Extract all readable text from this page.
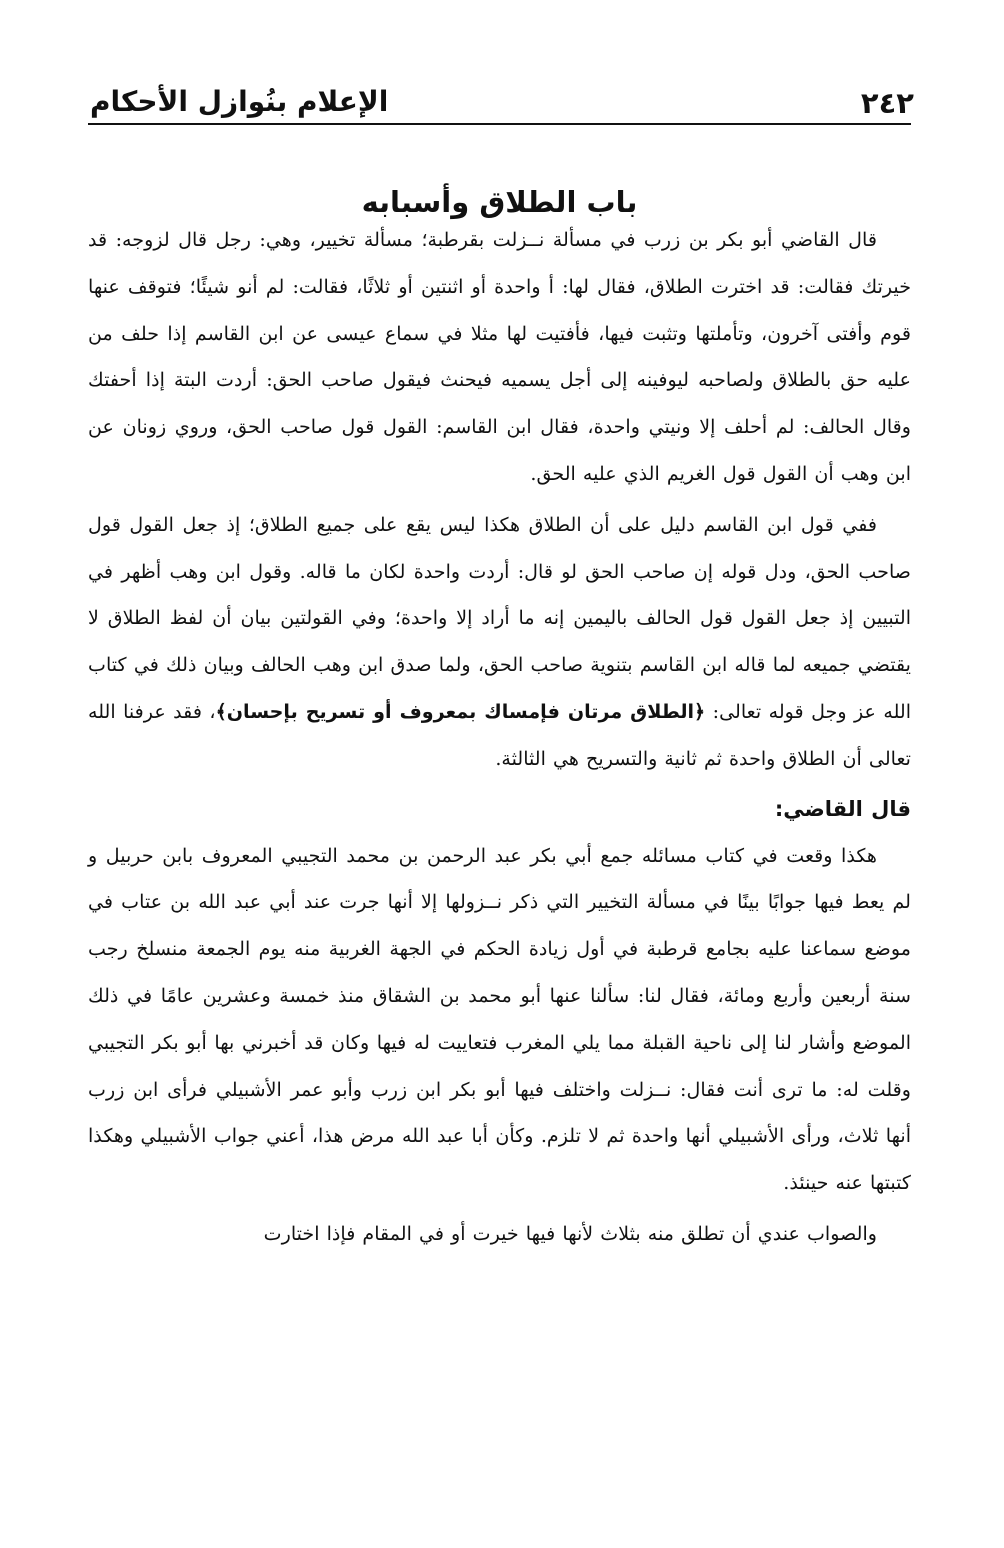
٢٤٢
الإعلام بنُوازل الأحكام
باب الطلاق وأسبابه

قال القاضي أبو بكر بن زرب في مسألة نــزلت بقرطبة؛ مسألة تخيير، وهي: رجل قال لزوجه: قد خيرتك فقالت: قد اخترت الطلاق، فقال لها: أ واحدة أو اثنتين أو ثلاثًا، فقالت: لم أنو شيئًا؛ فتوقف عنها قوم وأفتى آخرون، وتأملتها وتثبت فيها، فأفتيت لها مثلا في سماع عيسى عن ابن القاسم إذا حلف من عليه حق بالطلاق ولصاحبه ليوفينه إلى أجل يسميه فيحنث فيقول صاحب الحق: أردت البتة إذا أحفتك وقال الحالف: لم أحلف إلا ونيتي واحدة، فقال ابن القاسم: القول قول صاحب الحق، وروي زونان عن ابن وهب أن القول قول الغريم الذي عليه الحق.

ففي قول ابن القاسم دليل على أن الطلاق هكذا ليس يقع على جميع الطلاق؛ إذ جعل القول قول صاحب الحق، ودل قوله إن صاحب الحق لو قال: أردت واحدة لكان ما قاله. وقول ابن وهب أظهر في التبيين إذ جعل القول قول الحالف باليمين إنه ما أراد إلا واحدة؛ وفي القولتين بيان أن لفظ الطلاق لا يقتضي جميعه لما قاله ابن القاسم بتنوية صاحب الحق، ولما صدق ابن وهب الحالف وبيان ذلك في كتاب الله عز وجل قوله تعالى: ﴿الطلاق مرتان فإمساك بمعروف أو تسريح بإحسان﴾، فقد عرفنا الله تعالى أن الطلاق واحدة ثم ثانية والتسريح هي الثالثة.

قال القاضي:

هكذا وقعت في كتاب مسائله جمع أبي بكر عبد الرحمن بن محمد التجيبي المعروف بابن حربيل و لم يعط فيها جوابًا بينًا في مسألة التخيير التي ذكر نــزولها إلا أنها جرت عند أبي عبد الله بن عتاب في موضع سماعنا عليه بجامع قرطبة في أول زيادة الحكم في الجهة الغربية منه يوم الجمعة منسلخ رجب سنة أربعين وأربع ومائة، فقال لنا: سألنا عنها أبو محمد بن الشقاق منذ خمسة وعشرين عامًا في ذلك الموضع وأشار لنا إلى ناحية القبلة مما يلي المغرب فتعاييت له فيها وكان قد أخبرني بها أبو بكر التجيبي وقلت له: ما ترى أنت فقال: نــزلت واختلف فيها أبو بكر ابن زرب وأبو عمر الأشبيلي فرأى ابن زرب أنها ثلاث، ورأى الأشبيلي أنها واحدة ثم لا تلزم. وكأن أبا عبد الله مرض هذا، أعني جواب الأشبيلي وهكذا كتبتها عنه حينئذ.

والصواب عندي أن تطلق منه بثلاث لأنها فيها خيرت أو في المقام فإذا اختارت
